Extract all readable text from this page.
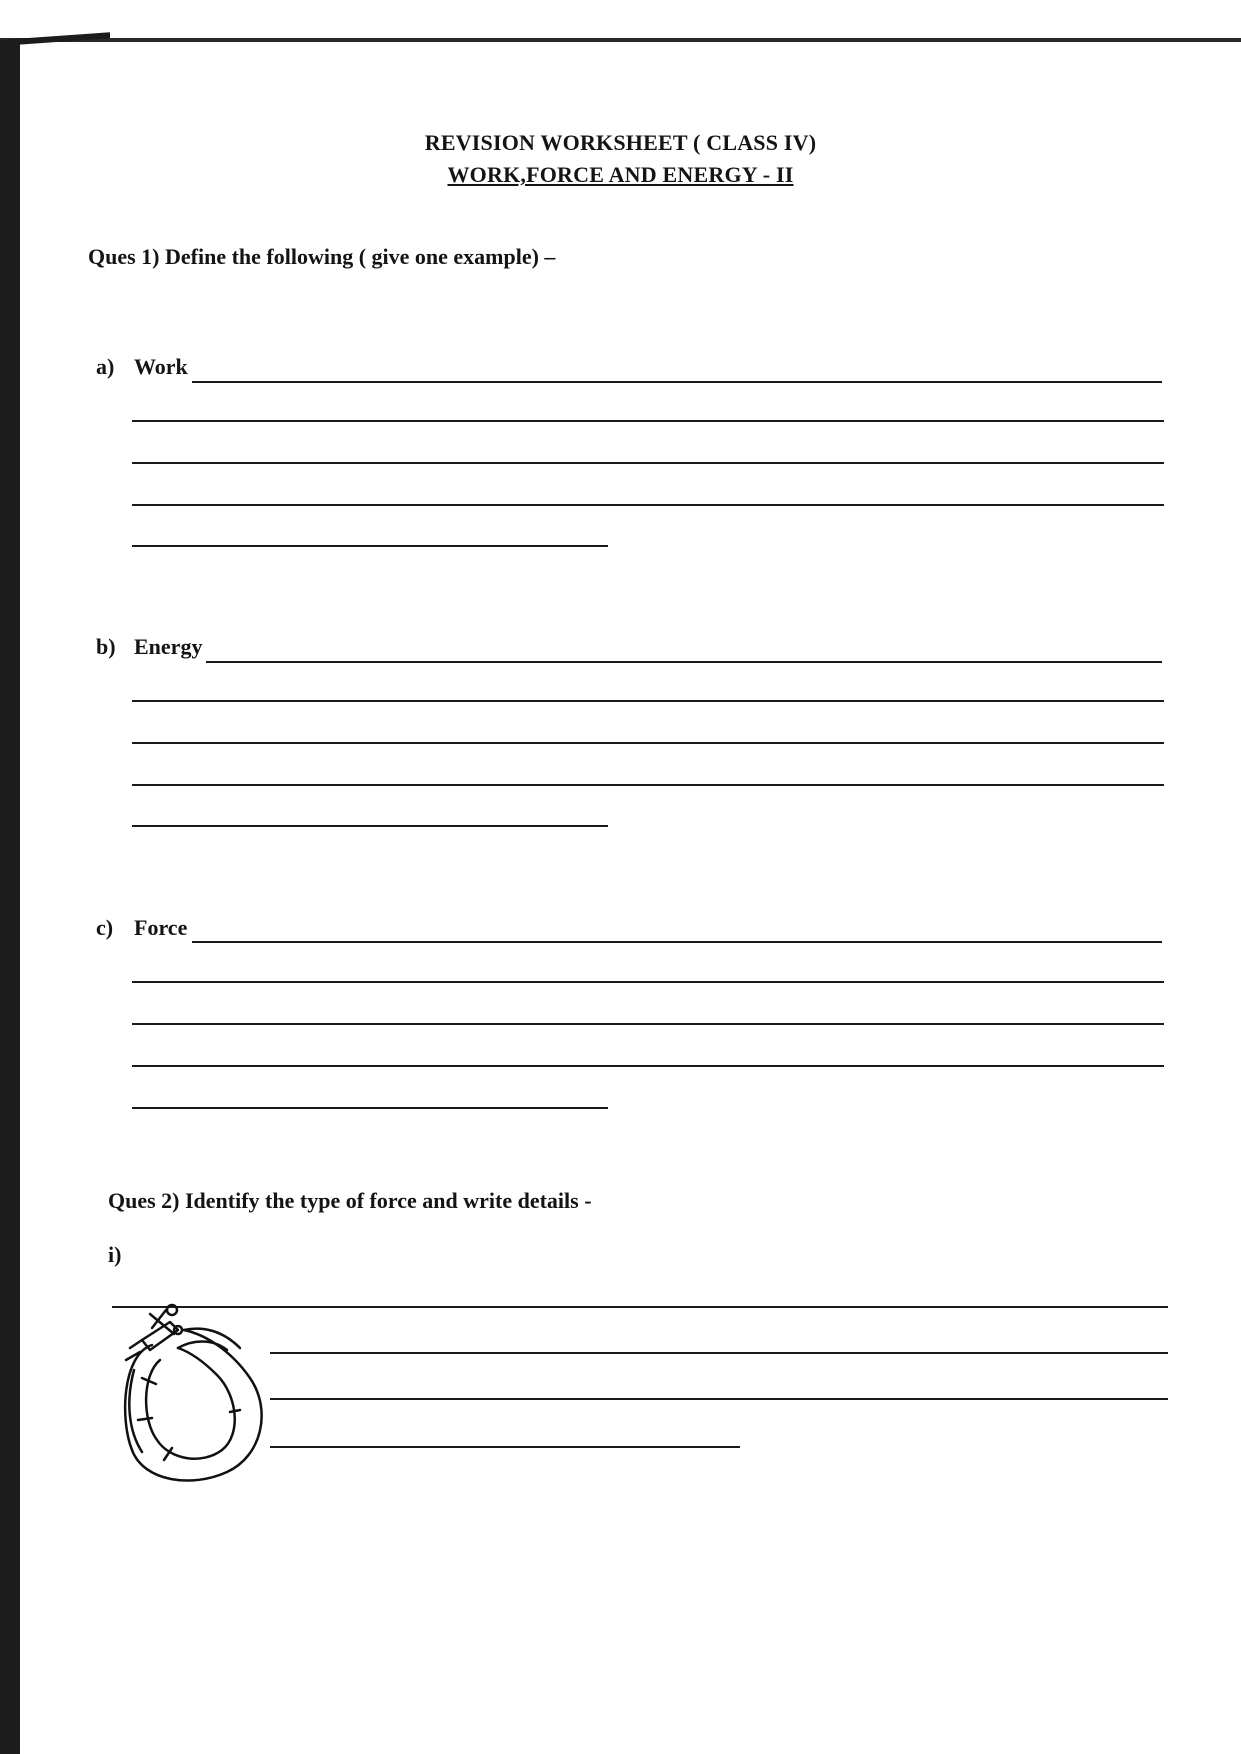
REVISION WORKSHEET ( CLASS IV)
WORK,FORCE AND ENERGY - II
Ques 1) Define the following ( give one example) –
a) Work
b) Energy
c) Force
Ques 2) Identify the type of force and write details -
i)
